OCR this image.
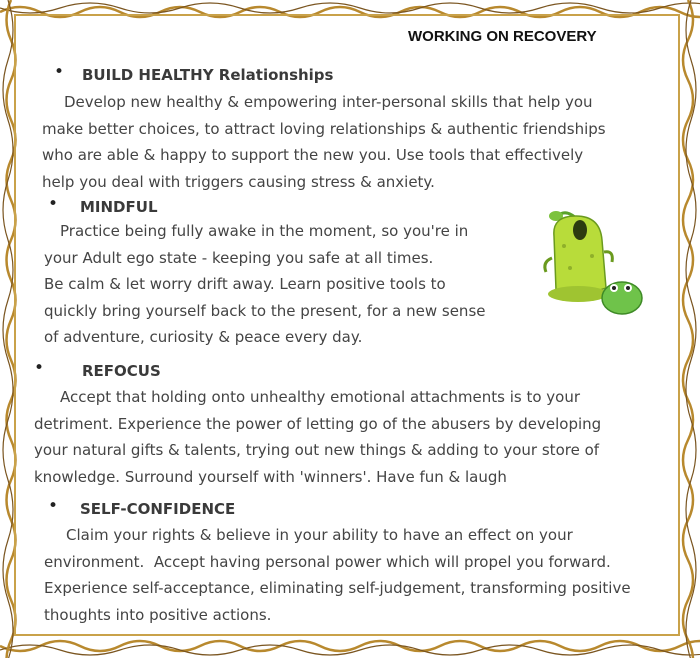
WORKING ON RECOVERY
• BUILD HEALTHY Relationships
Develop new healthy & empowering inter-personal skills that help you
make better choices, to attract loving relationships & authentic friendships
who are able & happy to support the new you. Use tools that effectively
help you deal with triggers causing stress & anxiety.
• MINDFUL
Practice being fully awake in the moment, so you're in
your Adult ego state - keeping you safe at all times.
Be calm & let worry drift away. Learn positive tools to
quickly bring yourself back to the present, for a new sense
of adventure, curiosity & peace every day.
•	REFOCUS
Accept that holding onto unhealthy emotional attachments is to your
detriment. Experience the power of letting go of the abusers by developing
your natural gifts & talents, trying out new things & adding to your store of
knowledge. Surround yourself with 'winners'. Have fun & laugh
• SELF-CONFIDENCE
Claim your rights & believe in your ability to have an effect on your
environment.  Accept having personal power which will propel you forward.
Experience self-acceptance, eliminating self-judgement, transforming positive
thoughts into positive actions.
